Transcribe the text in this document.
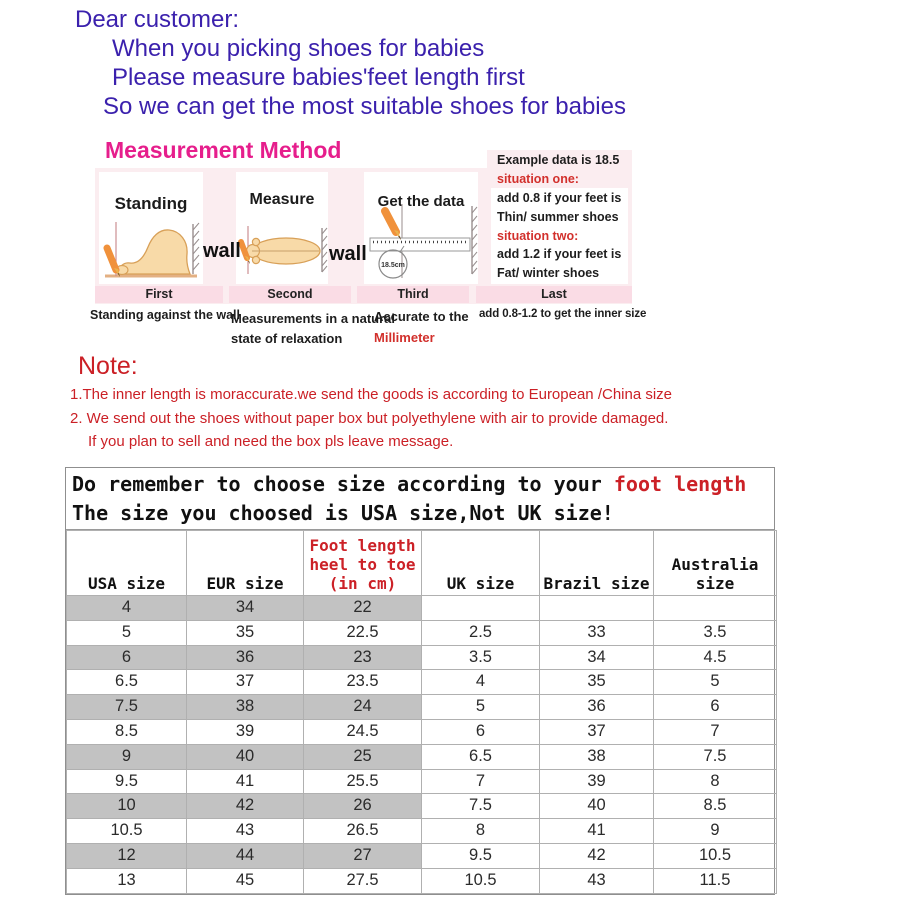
Dear customer:
When you picking shoes for babies
Please measure babies'feet length first
So we can get the most suitable shoes for babies
Measurement Method
Standing	Measure	Get the data
18.5cm
wall	wall
Example data is 18.5
situation one:
add 0.8 if your feet is
Thin/ summer shoes
situation two:
add 1.2 if your feet is
Fat/ winter shoes
First	Second	Third	Last
Standing against the wall
Measurements in a natural
state of relaxation
Accurate to the
Millimeter
add 0.8-1.2 to get the inner size
Note:
1.The inner length is moraccurate.we send the goods is according to European /China size
2. We send out the shoes without paper box but polyethylene with air to provide damaged.
If you plan to sell and need the box pls leave message.
Do remember to choose size according to your foot length
The size you choosed is USA size,Not UK size!
USA size	EUR size	Foot length
heel to toe
(in cm)	UK size	Brazil size	Australia
size
4	34	22			
5	35	22.5	2.5	33	3.5
6	36	23	3.5	34	4.5
6.5	37	23.5	4	35	5
7.5	38	24	5	36	6
8.5	39	24.5	6	37	7
9	40	25	6.5	38	7.5
9.5	41	25.5	7	39	8
10	42	26	7.5	40	8.5
10.5	43	26.5	8	41	9
12	44	27	9.5	42	10.5
13	45	27.5	10.5	43	11.5
